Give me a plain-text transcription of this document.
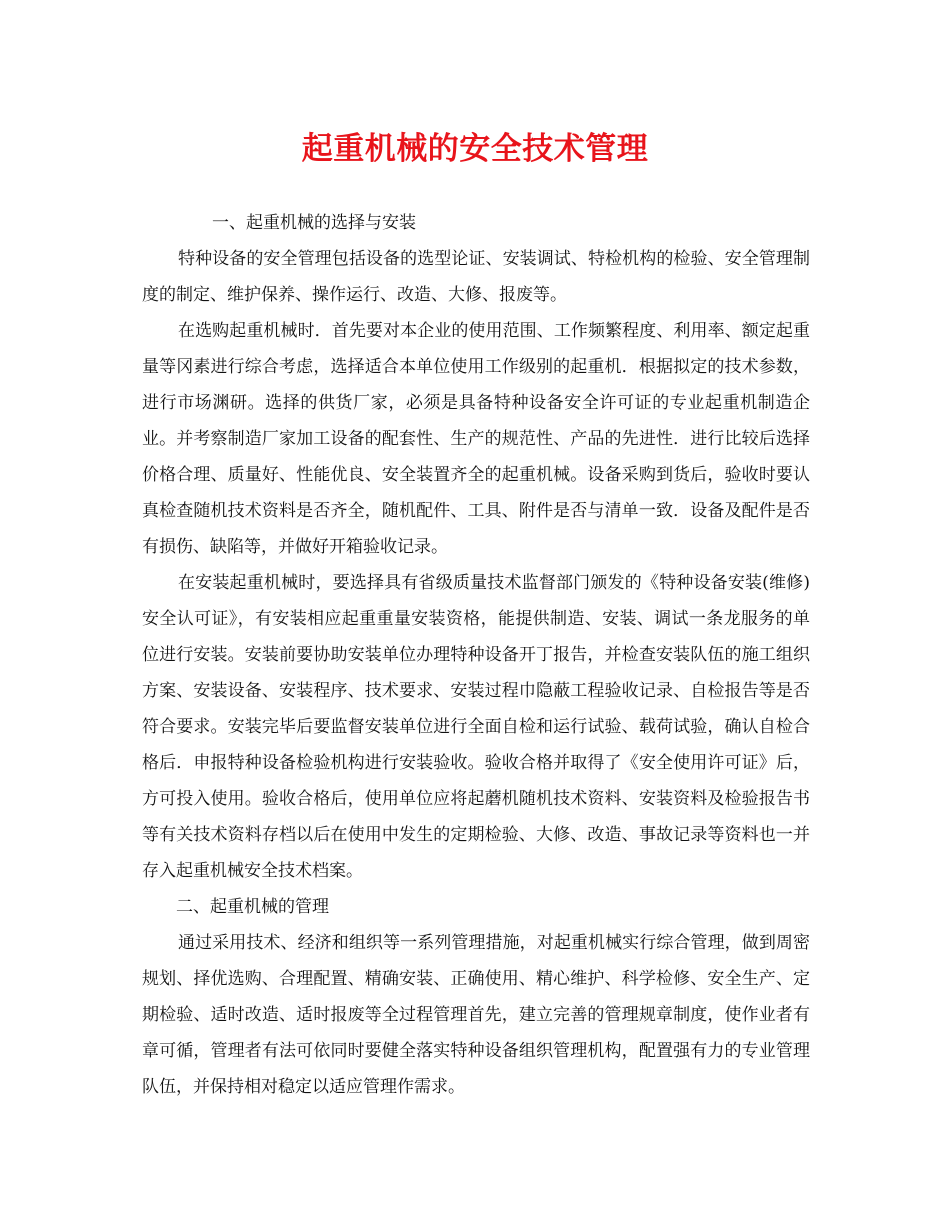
起重机械的安全技术管理

一、起重机械的选择与安装

特种设备的安全管理包括设备的选型论证、安装调试、特检机构的检验、安全管理制度的制定、维护保养、操作运行、改造、大修、报废等。

在选购起重机械时．首先要对本企业的使用范围、工作频繁程度、利用率、额定起重量等冈素进行综合考虑，选择适合本单位使用工作级别的起重机．根据拟定的技术参数，进行市场渊研。选择的供货厂家，必须是具备特种设备安全许可证的专业起重机制造企业。并考察制造厂家加工设备的配套性、生产的规范性、产品的先进性．进行比较后选择价格合理、质量好、性能优良、安全装置齐全的起重机械。设备采购到货后，验收时要认真检查随机技术资料是否齐全，随机配件、工具、附件是否与清单一致．设备及配件是否有损伤、缺陷等，并做好开箱验收记录。

在安装起重机械时，要选择具有省级质量技术监督部门颁发的《特种设备安装(维修)安全认可证》，有安装相应起重重量安装资格，能提供制造、安装、调试一条龙服务的单位进行安装。安装前要协助安装单位办理特种设备开丁报告，并检查安装队伍的施工组织方案、安装设备、安装程序、技术要求、安装过程巾隐蔽工程验收记录、自检报告等是否符合要求。安装完毕后要监督安装单位进行全面自检和运行试验、载荷试验，确认自检合格后．申报特种设备检验机构进行安装验收。验收合格并取得了《安全使用许可证》后，方可投入使用。验收合格后，使用单位应将起蘑机随机技术资料、安装资料及检验报告书等有关技术资料存档以后在使用中发生的定期检验、大修、改造、事故记录等资料也一并存入起重机械安全技术档案。

二、起重机械的管理

通过采用技术、经济和组织等一系列管理措施，对起重机械实行综合管理，做到周密规划、择优选购、合理配置、精确安装、正确使用、精心维护、科学检修、安全生产、定期检验、适时改造、适时报废等全过程管理首先，建立完善的管理规章制度，使作业者有章可循，管理者有法可依同时要健全落实特种设备组织管理机构，配置强有力的专业管理队伍，并保持相对稳定以适应管理作需求。
